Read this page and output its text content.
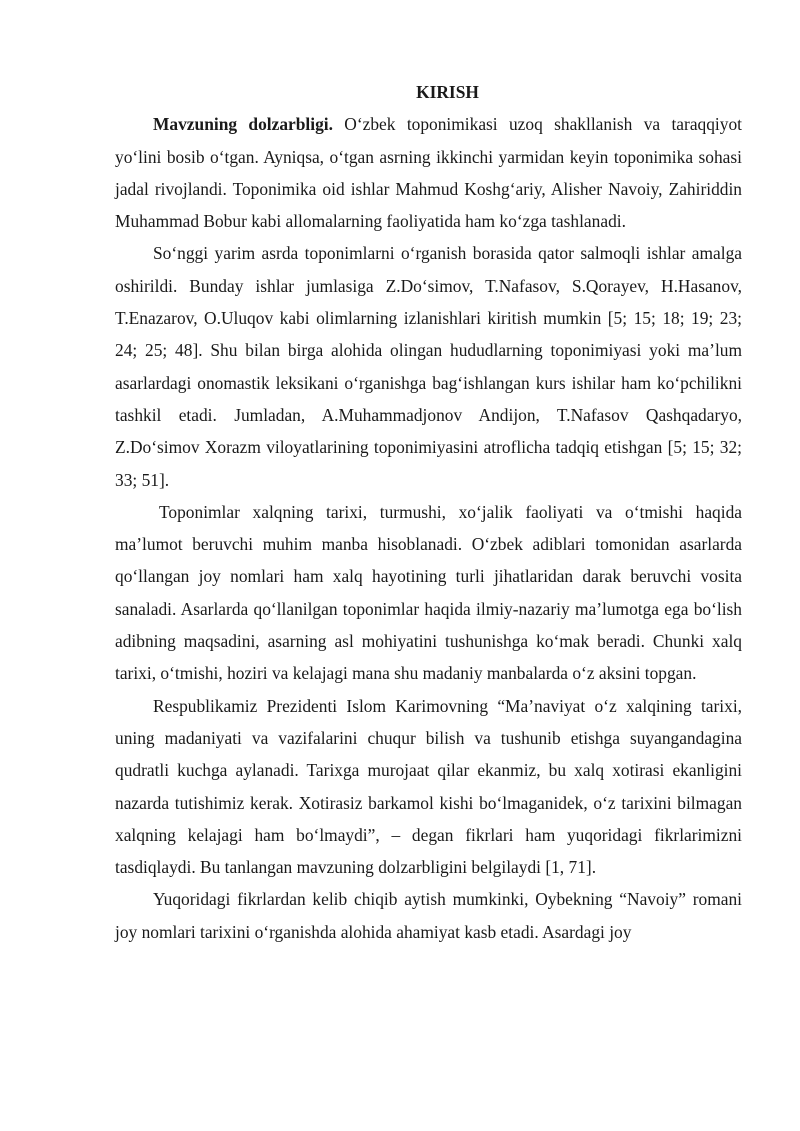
KIRISH

Mavzuning dolzarbligi. O‘zbek toponimikasi uzoq shakllanish va taraqqiyot yo‘lini bosib o‘tgan. Ayniqsa, o‘tgan asrning ikkinchi yarmidan keyin toponimika sohasi jadal rivojlandi. Toponimika oid ishlar Mahmud Koshg‘ariy, Alisher Navoiy, Zahiriddin Muhammad Bobur kabi allomalarning faoliyatida ham ko‘zga tashlanadi.

So‘nggi yarim asrda toponimlarni o‘rganish borasida qator salmoqli ishlar amalga oshirildi. Bunday ishlar jumlasiga Z.Do‘simov, T.Nafasov, S.Qorayev, H.Hasanov, T.Enazarov, O.Uluqov kabi olimlarning izlanishlari kiritish mumkin [5; 15; 18; 19; 23; 24; 25; 48]. Shu bilan birga alohida olingan hududlarning toponimiyasi yoki ma’lum asarlardagi onomastik leksikani o‘rganishga bag‘ishlangan kurs ishilar ham ko‘pchilikni tashkil etadi. Jumladan, A.Muhammadjonov Andijon, T.Nafasov Qashqadaryo, Z.Do‘simov Xorazm viloyatlarining toponimiyasini atroflicha tadqiq etishgan [5; 15; 32; 33; 51].

Toponimlar xalqning tarixi, turmushi, xo‘jalik faoliyati va o‘tmishi haqida ma’lumot beruvchi muhim manba hisoblanadi. O‘zbek adiblari tomonidan asarlarda qo‘llangan joy nomlari ham xalq hayotining turli jihatlaridan darak beruvchi vosita sanaladi. Asarlarda qo‘llanilgan toponimlar haqida ilmiy-nazariy ma’lumotga ega bo‘lish adibning maqsadini, asarning asl mohiyatini tushunishga ko‘mak beradi. Chunki xalq tarixi, o‘tmishi, hoziri va kelajagi mana shu madaniy manbalarda o‘z aksini topgan.

Respublikamiz Prezidenti Islom Karimovning “Ma’naviyat o‘z xalqining tarixi, uning madaniyati va vazifalarini chuqur bilish va tushunib etishga suyangandagina qudratli kuchga aylanadi. Tarixga murojaat qilar ekanmiz, bu xalq xotirasi ekanligini nazarda tutishimiz kerak. Xotirasiz barkamol kishi bo‘lmaganidek, o‘z tarixini bilmagan xalqning kelajagi ham bo‘lmaydi”, – degan fikrlari ham yuqoridagi fikrlarimizni tasdiqlaydi. Bu tanlangan mavzuning dolzarbligini belgilaydi [1, 71].

Yuqoridagi fikrlardan kelib chiqib aytish mumkinki, Oybekning “Navoiy” romani joy nomlari tarixini o‘rganishda alohida ahamiyat kasb etadi. Asardagi joy
